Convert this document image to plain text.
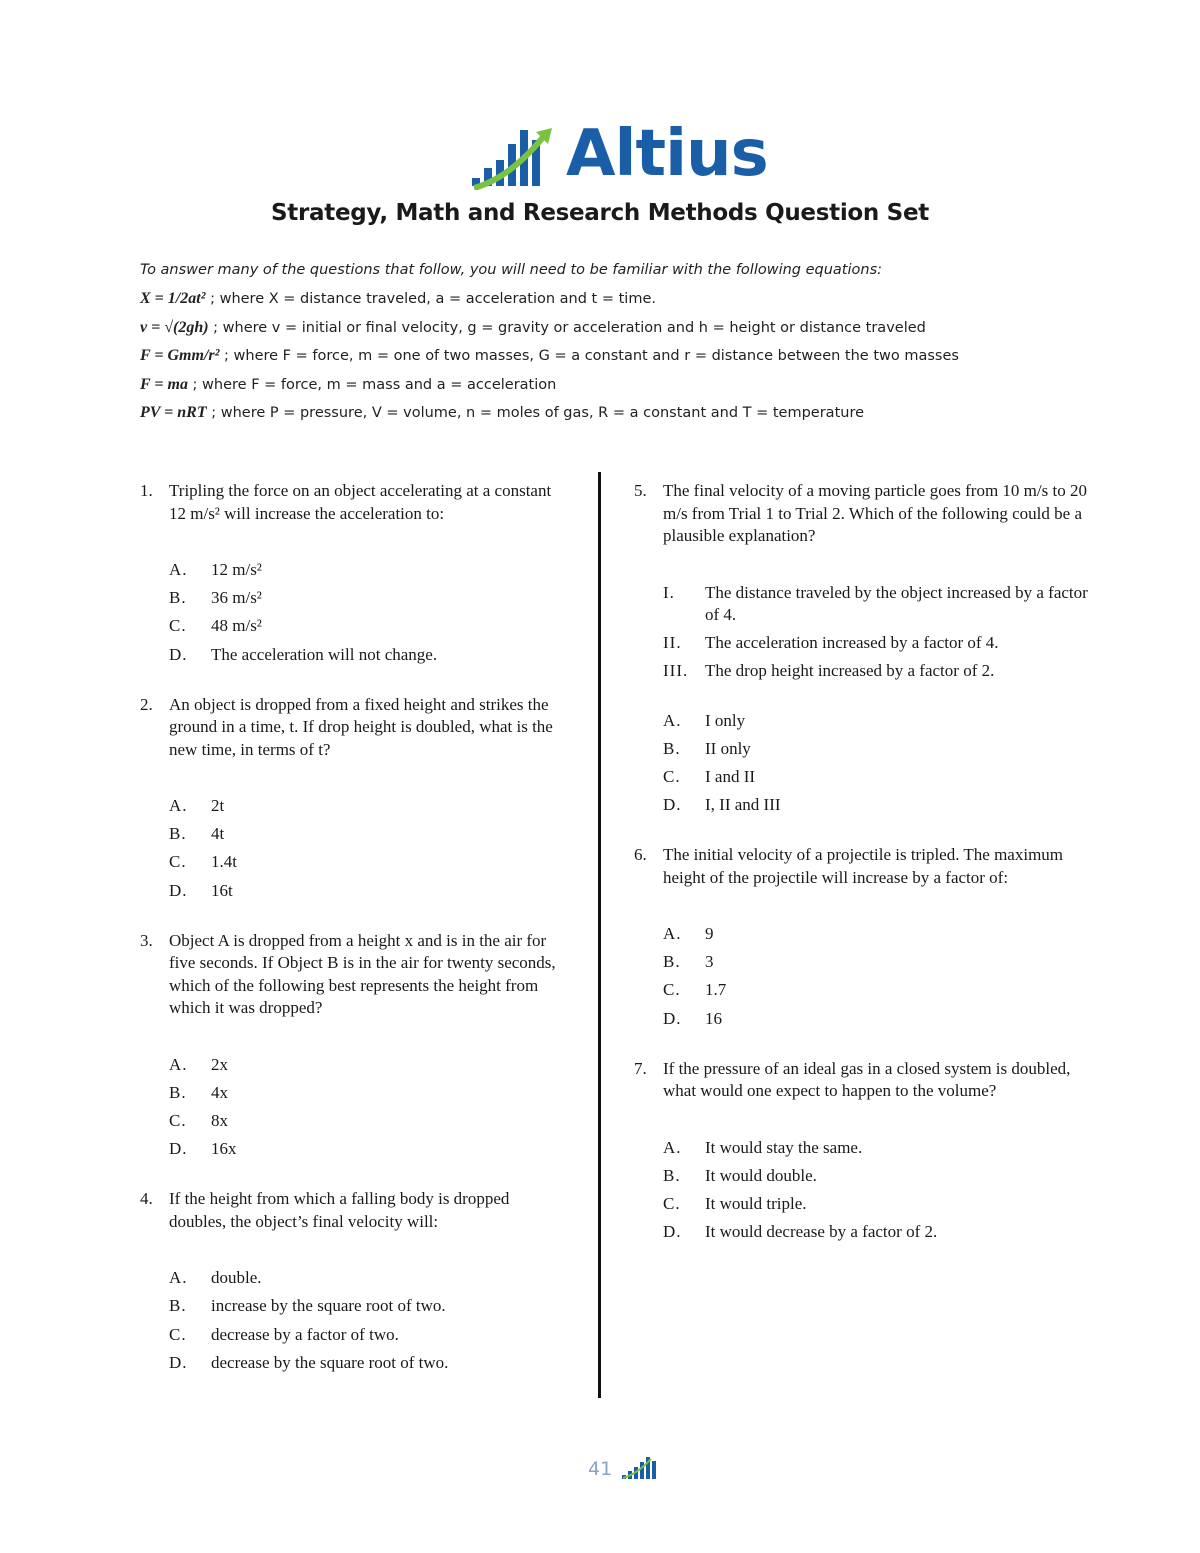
Altius
Strategy, Math and Research Methods Question Set
To answer many of the questions that follow, you will need to be familiar with the following equations:
X = 1/2at² ; where X = distance traveled, a = acceleration and t = time.
v = √(2gh) ; where v = initial or final velocity, g = gravity or acceleration and h = height or distance traveled
F = Gmm/r² ; where F = force, m = one of two masses, G = a constant and r = distance between the two masses
F = ma ; where F = force, m = mass and a = acceleration
PV = nRT ; where P = pressure, V = volume, n = moles of gas, R = a constant and T = temperature
1. Tripling the force on an object accelerating at a constant 12 m/s² will increase the acceleration to:
A.	12 m/s²
B.	36 m/s²
C.	48 m/s²
D.	The acceleration will not change.
2. An object is dropped from a fixed height and strikes the ground in a time, t. If drop height is doubled, what is the new time, in terms of t?
A.	2t
B.	4t
C.	1.4t
D.	16t
3. Object A is dropped from a height x and is in the air for five seconds. If Object B is in the air for twenty seconds, which of the following best represents the height from which it was dropped?
A.	2x
B.	4x
C.	8x
D.	16x
4. If the height from which a falling body is dropped doubles, the object’s final velocity will:
A.	double.
B.	increase by the square root of two.
C.	decrease by a factor of two.
D.	decrease by the square root of two.
5. The final velocity of a moving particle goes from 10 m/s to 20 m/s from Trial 1 to Trial 2. Which of the following could be a plausible explanation?
I.	The distance traveled by the object increased by a factor of 4.
II.	The acceleration increased by a factor of 4.
III. The drop height increased by a factor of 2.
A.	I only
B.	II only
C.	I and II
D.	I, II and III
6. The initial velocity of a projectile is tripled. The maximum height of the projectile will increase by a factor of:
A.	9
B.	3
C.	1.7
D.	16
7. If the pressure of an ideal gas in a closed system is doubled, what would one expect to happen to the volume?
A.	It would stay the same.
B.	It would double.
C.	It would triple.
D.	It would decrease by a factor of 2.
41
